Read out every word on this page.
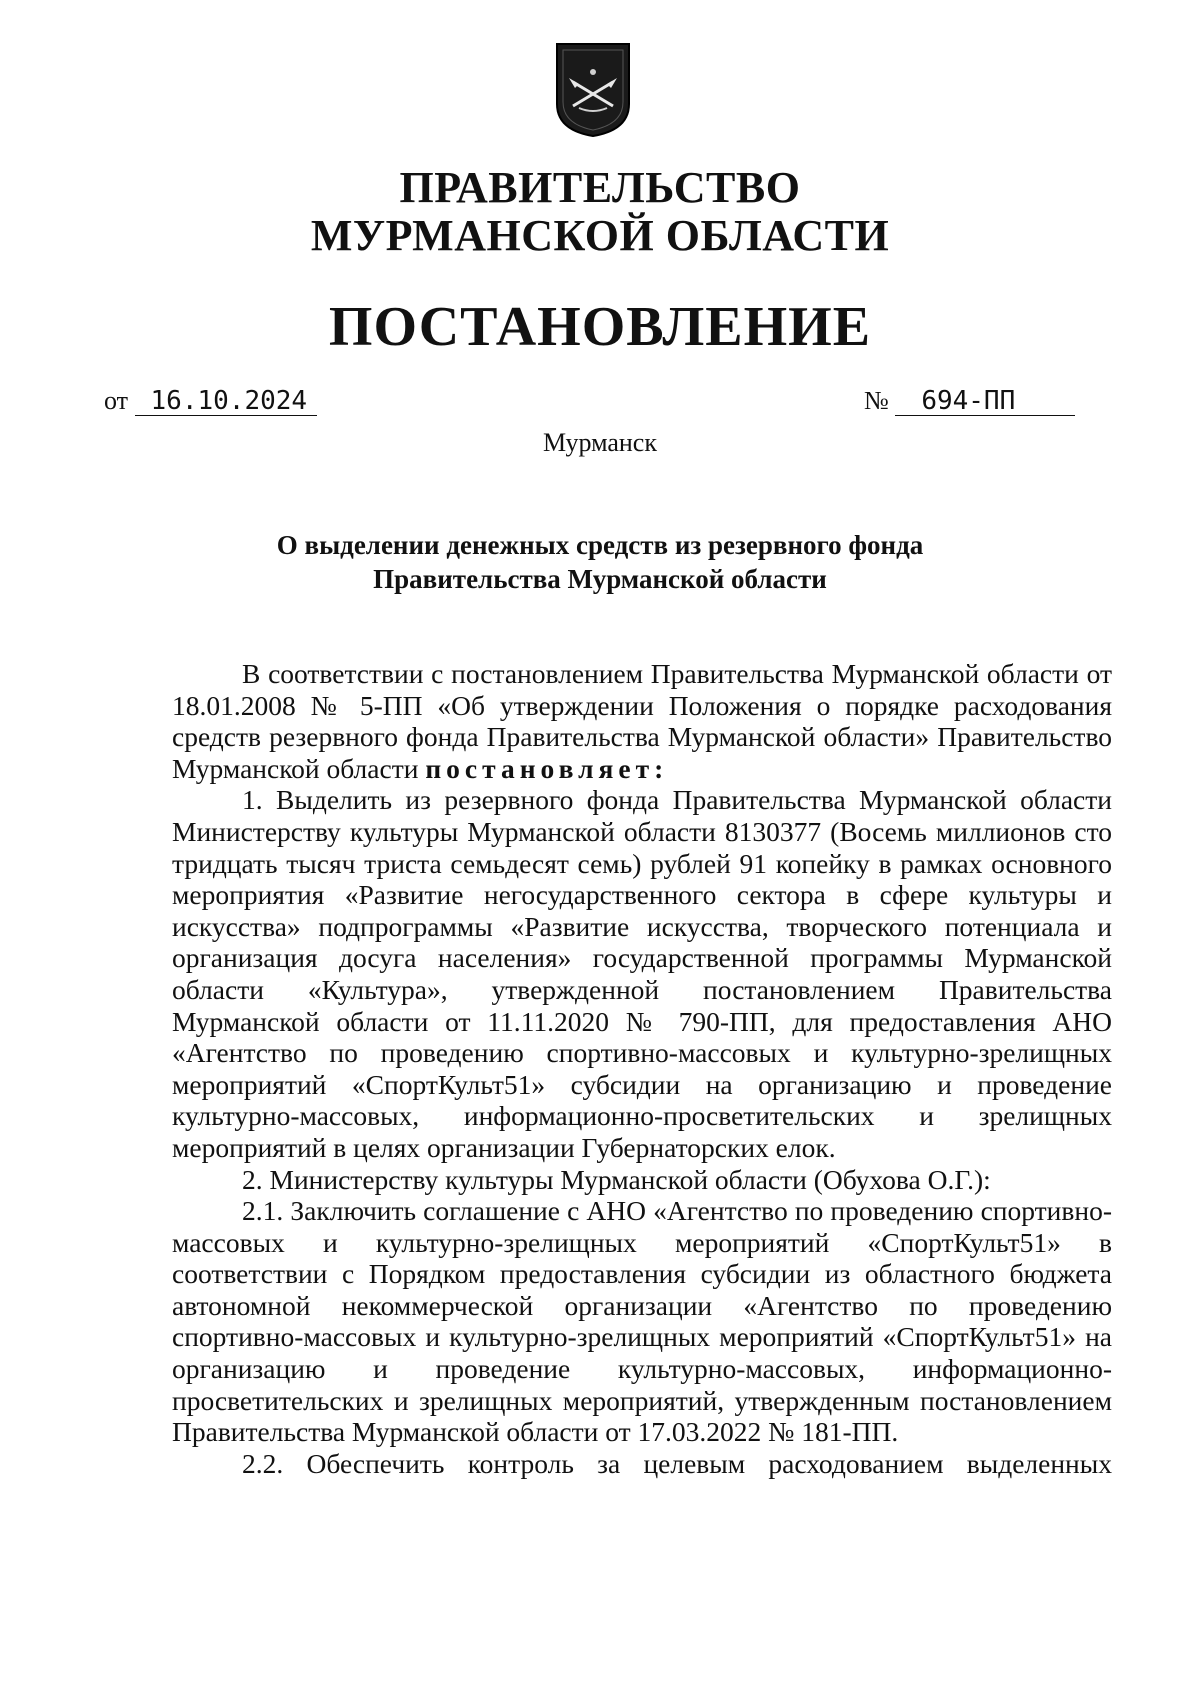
ПРАВИТЕЛЬСТВО
МУРМАНСКОЙ ОБЛАСТИ
ПОСТАНОВЛЕНИЕ
от 16.10.2024	№ 694-ПП
Мурманск
О выделении денежных средств из резервного фонда
Правительства Мурманской области

В соответствии с постановлением Правительства Мурманской области от 18.01.2008 № 5-ПП «Об утверждении Положения о порядке расходования средств резервного фонда Правительства Мурманской области» Правительство Мурманской области постановляет:

1. Выделить из резервного фонда Правительства Мурманской области Министерству культуры Мурманской области 8130377 (Восемь миллионов сто тридцать тысяч триста семьдесят семь) рублей 91 копейку в рамках основного мероприятия «Развитие негосударственного сектора в сфере культуры и искусства» подпрограммы «Развитие искусства, творческого потенциала и организация досуга населения» государственной программы Мурманской области «Культура», утвержденной постановлением Правительства Мурманской области от 11.11.2020 № 790-ПП, для предоставления АНО «Агентство по проведению спортивно-массовых и культурно-зрелищных мероприятий «СпортКульт51» субсидии на организацию и проведение культурно-массовых, информационно-просветительских и зрелищных мероприятий в целях организации Губернаторских елок.

2. Министерству культуры Мурманской области (Обухова О.Г.):

2.1. Заключить соглашение с АНО «Агентство по проведению спортивно-массовых и культурно-зрелищных мероприятий «СпортКульт51» в соответствии с Порядком предоставления субсидии из областного бюджета автономной некоммерческой организации «Агентство по проведению спортивно-массовых и культурно-зрелищных мероприятий «СпортКульт51» на организацию и проведение культурно-массовых, информационно-просветительских и зрелищных мероприятий, утвержденным постановлением Правительства Мурманской области от 17.03.2022 № 181-ПП.

2.2. Обеспечить контроль за целевым расходованием выделенных
